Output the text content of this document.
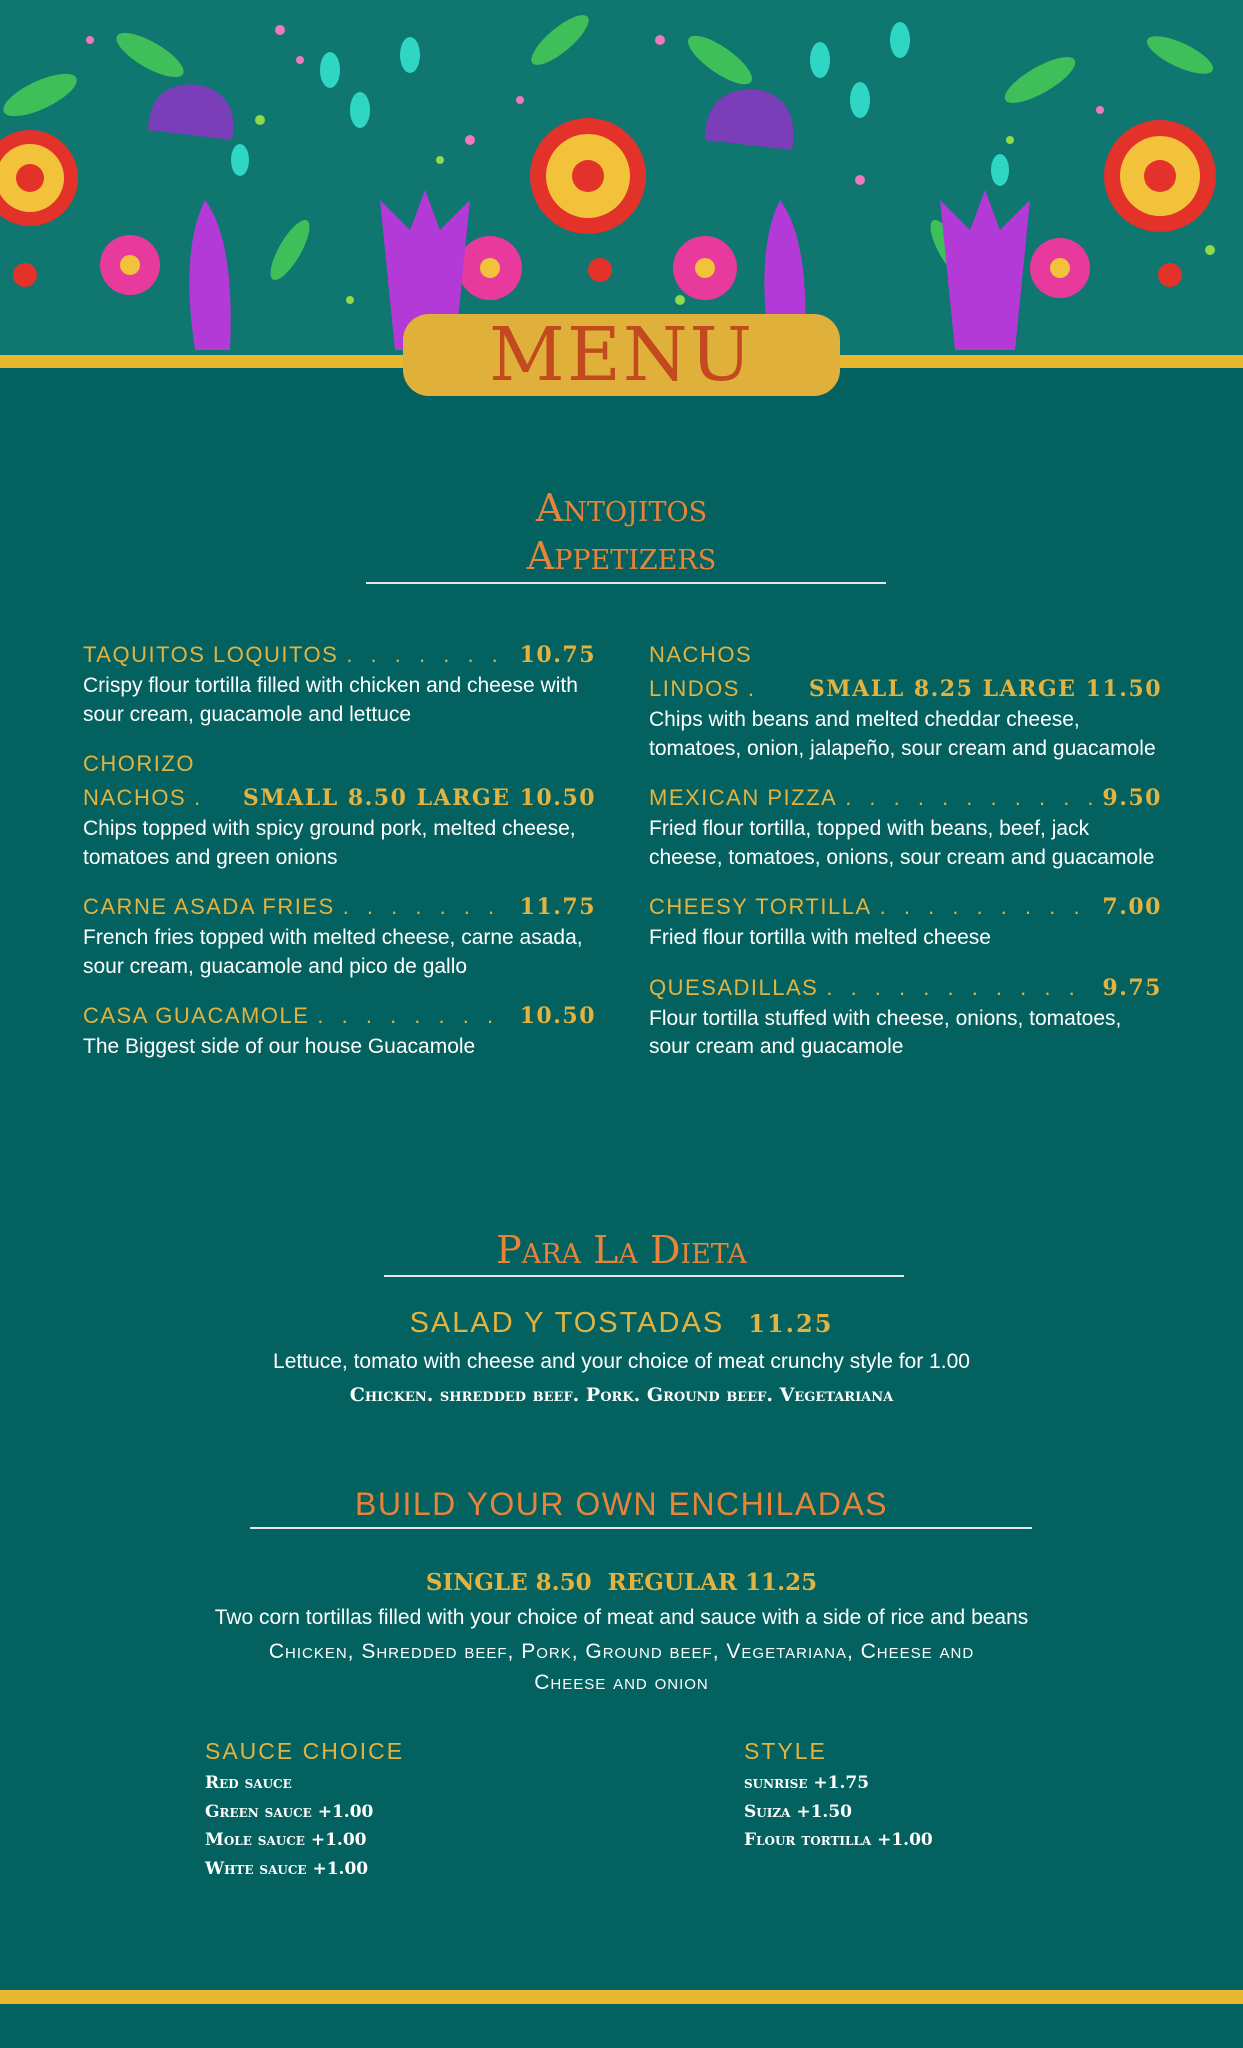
MENU
Antojitos
Appetizers
TAQUITOS LOQUITOS . . .	10.75
Crispy flour tortilla filled with chicken and cheese with sour cream, guacamole and lettuce
CHORIZO
NACHOS . . .	SMALL 8.50 LARGE 10.50
Chips topped with spicy ground pork, melted cheese, tomatoes and green onions
CARNE ASADA FRIES . . .	11.75
French fries topped with melted cheese, carne asada, sour cream, guacamole and pico de gallo
CASA GUACAMOLE . . .	10.50
The Biggest side of our house Guacamole
NACHOS
LINDOS . . .	SMALL 8.25 LARGE 11.50
Chips with beans and melted cheddar cheese, tomatoes, onion, jalapeño, sour cream and guacamole
MEXICAN PIZZA . . .	9.50
Fried flour tortilla, topped with beans, beef, jack cheese, tomatoes, onions, sour cream and guacamole
CHEESY TORTILLA . . .	7.00
Fried flour tortilla with melted cheese
QUESADILLAS . . .	9.75
Flour tortilla stuffed with cheese, onions, tomatoes, sour cream and guacamole
Para La Dieta
SALAD Y TOSTADAS 11.25
Lettuce, tomato with cheese and your choice of meat crunchy style for 1.00
Chicken. shredded beef. Pork. Ground beef. Vegetariana
BUILD YOUR OWN ENCHILADAS
SINGLE 8.50  REGULAR 11.25
Two corn tortillas filled with your choice of meat and sauce with a side of rice and beans
Chicken, Shredded beef, Pork, Ground beef, Vegetariana, Cheese and
Cheese and onion
SAUCE CHOICE
Red sauce
Green sauce +1.00
Mole sauce +1.00
Whte sauce +1.00
STYLE
sunrise +1.75
Suiza +1.50
Flour tortilla +1.00
